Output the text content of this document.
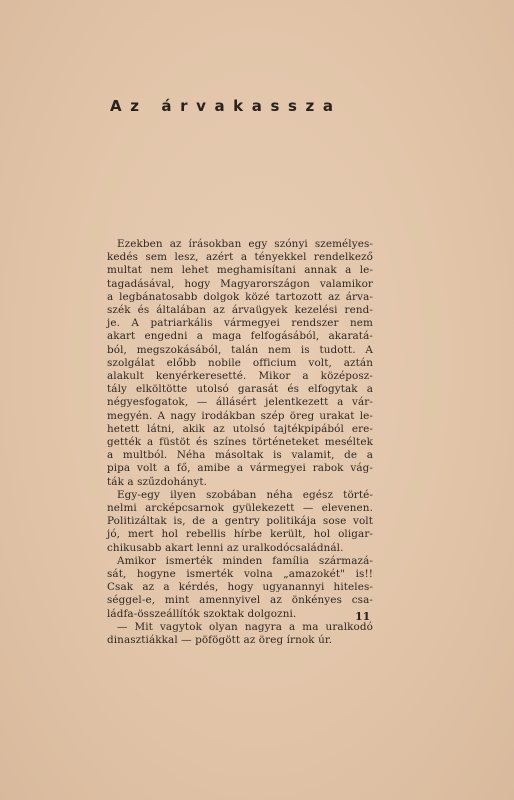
Az árvakassza
Ezekben az írásokban egy szónyi személyes-
kedés sem lesz, azért a tényekkel rendelkező
multat nem lehet meghamisítani annak a le-
tagadásával, hogy Magyarországon valamikor
a legbánatosabb dolgok közé tartozott az árva-
szék és általában az árvaügyek kezelési rend-
je. A patriarkális vármegyei rendszer nem
akart engedni a maga felfogásából, akaratá-
ból, megszokásából, talán nem is tudott. A
szolgálat előbb nobile officium volt, aztán
alakult kenyérkeresetté. Mikor a középosz-
tály elköltötte utolsó garasát és elfogytak a
négyesfogatok, — állásért jelentkezett a vár-
megyén. A nagy irodákban szép öreg urakat le-
hetett látni, akik az utolsó tajtékpipából ere-
gették a füstöt és színes történeteket meséltek
a multból. Néha másoltak is valamit, de a
pipa volt a fő, amibe a vármegyei rabok vág-
ták a szűzdohányt.
Egy-egy ilyen szobában néha egész törté-
nelmi arcképcsarnok gyülekezett — elevenen.
Politizáltak is, de a gentry politikája sose volt
jó, mert hol rebellis hírbe került, hol oligar-
chikusabb akart lenni az uralkodócsaládnál.
Amikor ismerték minden família származá-
sát, hogyne ismerték volna „amazokét" is!!
Csak az a kérdés, hogy ugyanannyi hiteles-
séggel-e, mint amennyivel az önkényes csa-
ládfa-összeállítók szoktak dolgozni.
— Mit vagytok olyan nagyra a ma uralkodó
dinasztiákkal — pöfögött az öreg írnok úr.
11
